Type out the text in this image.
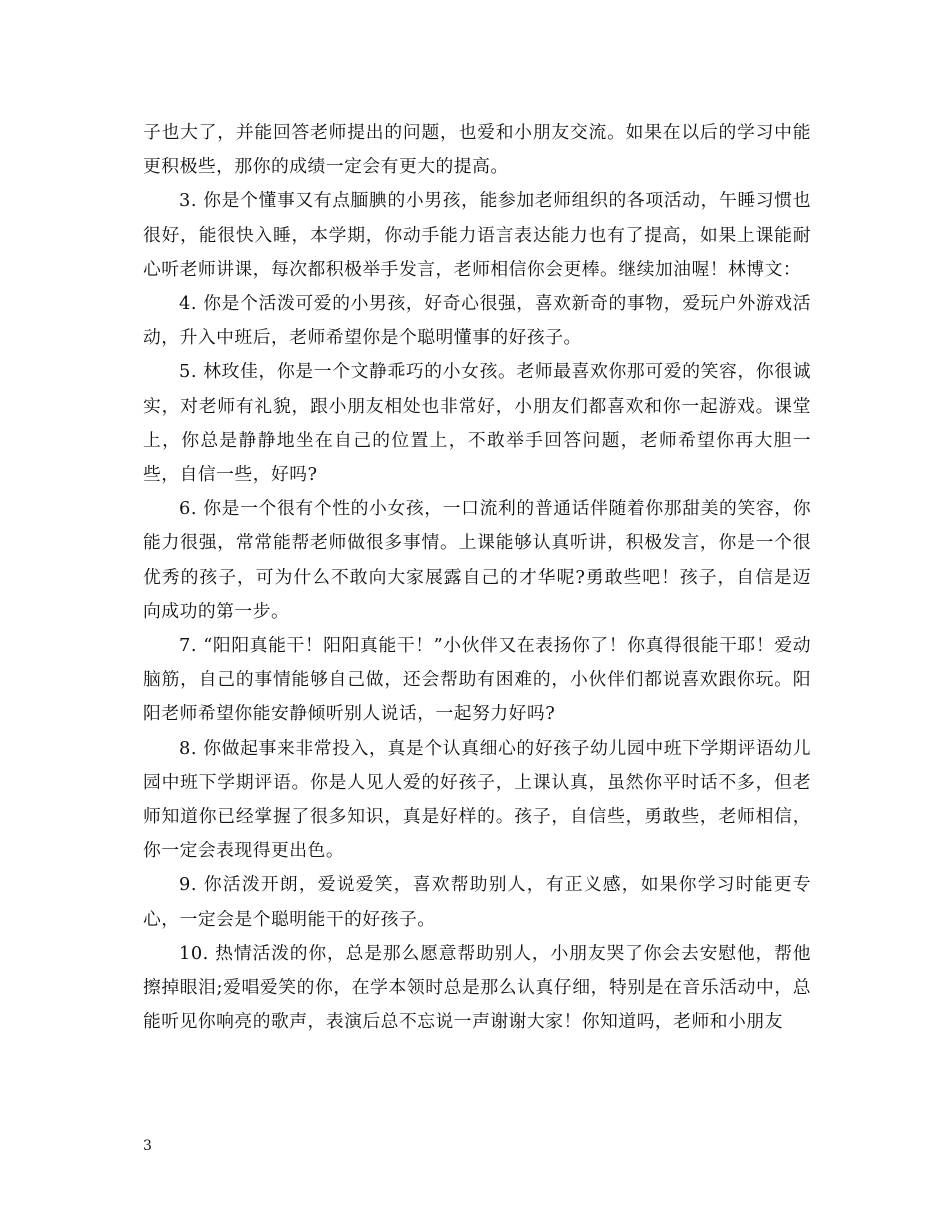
子也大了，并能回答老师提出的问题，也爱和小朋友交流。如果在以后的学习中能更积极些，那你的成绩一定会有更大的提高。

3. 你是个懂事又有点腼腆的小男孩，能参加老师组织的各项活动，午睡习惯也很好，能很快入睡，本学期，你动手能力语言表达能力也有了提高，如果上课能耐心听老师讲课，每次都积极举手发言，老师相信你会更棒。继续加油喔！林博文：

4. 你是个活泼可爱的小男孩，好奇心很强，喜欢新奇的事物，爱玩户外游戏活动，升入中班后，老师希望你是个聪明懂事的好孩子。

5. 林玫佳，你是一个文静乖巧的小女孩。老师最喜欢你那可爱的笑容，你很诚实，对老师有礼貌，跟小朋友相处也非常好，小朋友们都喜欢和你一起游戏。课堂上，你总是静静地坐在自己的位置上，不敢举手回答问题，老师希望你再大胆一些，自信一些，好吗?

6. 你是一个很有个性的小女孩，一口流利的普通话伴随着你那甜美的笑容，你能力很强，常常能帮老师做很多事情。上课能够认真听讲，积极发言，你是一个很优秀的孩子，可为什么不敢向大家展露自己的才华呢?勇敢些吧！孩子，自信是迈向成功的第一步。

7. “阳阳真能干！阳阳真能干！”小伙伴又在表扬你了！你真得很能干耶！爱动脑筋，自己的事情能够自己做，还会帮助有困难的，小伙伴们都说喜欢跟你玩。阳阳老师希望你能安静倾听别人说话，一起努力好吗?

8. 你做起事来非常投入，真是个认真细心的好孩子幼儿园中班下学期评语幼儿园中班下学期评语。你是人见人爱的好孩子，上课认真，虽然你平时话不多，但老师知道你已经掌握了很多知识，真是好样的。孩子，自信些，勇敢些，老师相信，你一定会表现得更出色。

9. 你活泼开朗，爱说爱笑，喜欢帮助别人，有正义感，如果你学习时能更专心，一定会是个聪明能干的好孩子。

10. 热情活泼的你，总是那么愿意帮助别人，小朋友哭了你会去安慰他，帮他擦掉眼泪;爱唱爱笑的你，在学本领时总是那么认真仔细，特别是在音乐活动中，总能听见你响亮的歌声，表演后总不忘说一声谢谢大家！你知道吗，老师和小朋友

3
